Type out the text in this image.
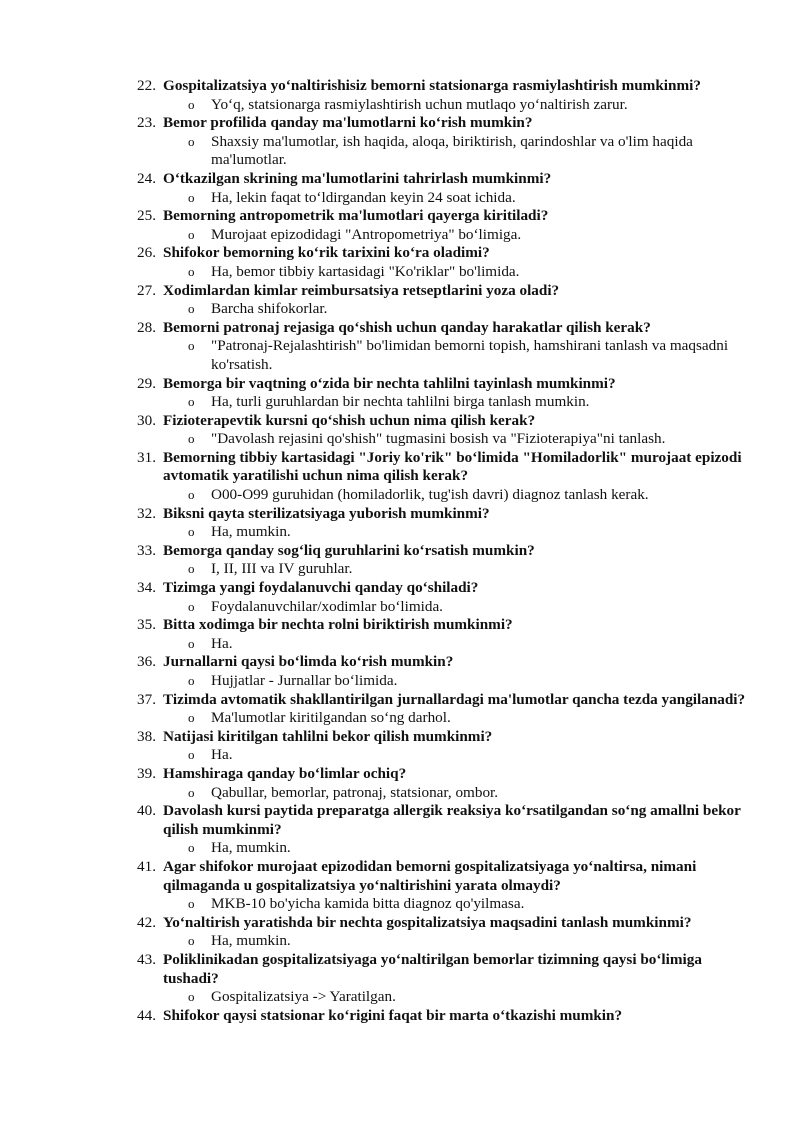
22. Gospitalizatsiya yo‘naltirishisiz bemorni statsionarga rasmiylashtirish mumkinmi?
o Yo‘q, statsionarga rasmiylashtirish uchun mutlaqo yo‘naltirish zarur.
23. Bemor profilida qanday ma'lumotlarni ko‘rish mumkin?
o Shaxsiy ma'lumotlar, ish haqida, aloqa, biriktirish, qarindoshlar va o'lim haqida ma'lumotlar.
24. O‘tkazilgan skrining ma'lumotlarini tahrirlash mumkinmi?
o Ha, lekin faqat to‘ldirgandan keyin 24 soat ichida.
25. Bemorning antropometrik ma'lumotlari qayerga kiritiladi?
o Murojaat epizodidagi "Antropometriya" bo‘limiga.
26. Shifokor bemorning ko‘rik tarixini ko‘ra oladimi?
o Ha, bemor tibbiy kartasidagi "Ko'riklar" bo'limida.
27. Xodimlardan kimlar reimbursatsiya retseptlarini yoza oladi?
o Barcha shifokorlar.
28. Bemorni patronaj rejasiga qo‘shish uchun qanday harakatlar qilish kerak?
o "Patronaj-Rejalashtirish" bo'limidan bemorni topish, hamshirani tanlash va maqsadni ko'rsatish.
29. Bemorga bir vaqtning o‘zida bir nechta tahlilni tayinlash mumkinmi?
o Ha, turli guruhlardan bir nechta tahlilni birga tanlash mumkin.
30. Fizioterapevtik kursni qo‘shish uchun nima qilish kerak?
o "Davolash rejasini qo'shish" tugmasini bosish va "Fizioterapiya"ni tanlash.
31. Bemorning tibbiy kartasidagi "Joriy ko'rik" bo‘limida "Homiladorlik" murojaat epizodi avtomatik yaratilishi uchun nima qilish kerak?
o O00-O99 guruhidan (homiladorlik, tug'ish davri) diagnoz tanlash kerak.
32. Biksni qayta sterilizatsiyaga yuborish mumkinmi?
o Ha, mumkin.
33. Bemorga qanday sog‘liq guruhlarini ko‘rsatish mumkin?
o I, II, III va IV guruhlar.
34. Tizimga yangi foydalanuvchi qanday qo‘shiladi?
o Foydalanuvchilar/xodimlar bo‘limida.
35. Bitta xodimga bir nechta rolni biriktirish mumkinmi?
o Ha.
36. Jurnallarni qaysi bo‘limda ko‘rish mumkin?
o Hujjatlar - Jurnallar bo‘limida.
37. Tizimda avtomatik shakllantirilgan jurnallardagi ma'lumotlar qancha tezda yangilanadi?
o Ma'lumotlar kiritilgandan so‘ng darhol.
38. Natijasi kiritilgan tahlilni bekor qilish mumkinmi?
o Ha.
39. Hamshiraga qanday bo‘limlar ochiq?
o Qabullar, bemorlar, patronaj, statsionar, ombor.
40. Davolash kursi paytida preparatga allergik reaksiya ko‘rsatilgandan so‘ng amallni bekor qilish mumkinmi?
o Ha, mumkin.
41. Agar shifokor murojaat epizodidan bemorni gospitalizatsiyaga yo‘naltirsa, nimani qilmaganda u gospitalizatsiya yo‘naltirishini yarata olmaydi?
o MKB-10 bo'yicha kamida bitta diagnoz qo'yilmasa.
42. Yo‘naltirish yaratishda bir nechta gospitalizatsiya maqsadini tanlash mumkinmi?
o Ha, mumkin.
43. Poliklinikadan gospitalizatsiyaga yo‘naltirilgan bemorlar tizimning qaysi bo‘limiga tushadi?
o Gospitalizatsiya -> Yaratilgan.
44. Shifokor qaysi statsionar ko‘rigini faqat bir marta o‘tkazishi mumkin?
